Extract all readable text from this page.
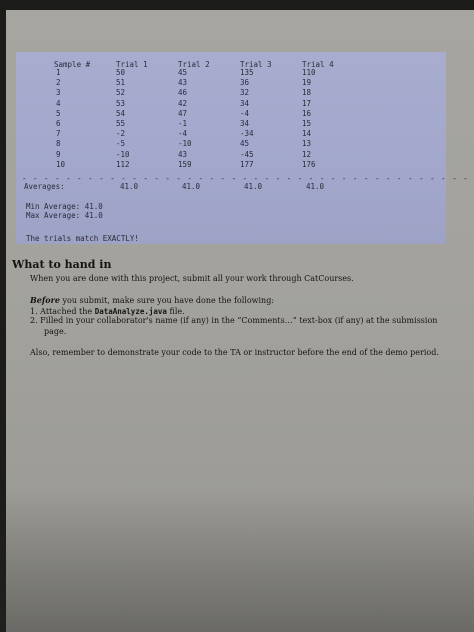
Sample #	Trial 1	Trial 2	Trial 3	Trial 4
1	50	45	135	110
2	51	43	36	19
3	52	46	32	18
4	53	42	34	17
5	54	47	-4	16
6	55	-1	34	15
7	-2	-4	-34	14
8	-5	-10	45	13
9	-10	43	-45	12
10	112	159	177	176
- - - - - - - - - - - - - - - - - - - - - - - - - - - - - - - - - - - - - - - - -
Averages:	41.0	41.0	41.0	41.0
Min Average: 41.0
Max Average: 41.0
The trials match EXACTLY!
What to hand in

When you are done with this project, submit all your work through CatCourses.

Before you submit, make sure you have done the following:

1. Attached the DataAnalyze.java file.

2. Filled in your collaborator's name (if any) in the “Comments…” text-box (if any) at the submission

page.

Also, remember to demonstrate your code to the TA or instructor before the end of the demo period.
